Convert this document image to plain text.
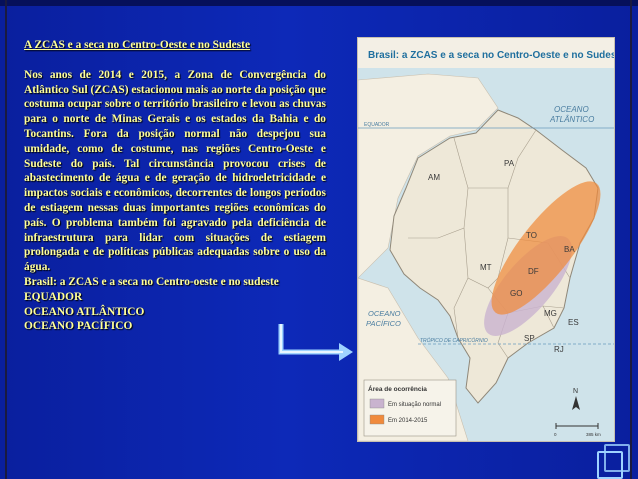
A ZCAS e a seca no Centro-Oeste e no Sudeste
Nos anos de 2014 e 2015, a Zona de Convergência do Atlântico Sul (ZCAS) estacionou mais ao norte da posição que costuma ocupar sobre o território brasileiro e levou as chuvas para o norte de Minas Gerais e os estados da Bahia e do Tocantins. Fora da posição normal não despejou sua umidade, como de costume, nas regiões Centro-Oeste e Sudeste do país. Tal circunstância provocou crises de abastecimento de água e de geração de hidroeletricidade e impactos sociais e econômicos, decorrentes de longos períodos de estiagem nessas duas importantes regiões econômicas do país. O problema também foi agravado pela deficiência de infraestrutura para lidar com situações de estiagem prolongada e de políticas públicas adequadas sobre o uso da água.
Brasil: a ZCAS e a seca no Centro-oeste e no sudeste
EQUADOR
OCEANO ATLÂNTICO
OCEANO PACÍFICO
Brasil: a ZCAS e a seca no Centro-Oeste e no Sudeste
EQUADOR
TRÓPICO DE CAPRICÓRNIO
OCEANO
ATLÂNTICO
OCEANO
PACÍFICO
AM
PA
MT
TO
BA
GO
DF
MG
ES
SP
RJ
Área de ocorrência
Em situação normal
Em 2014-2015
N
0	385 km
